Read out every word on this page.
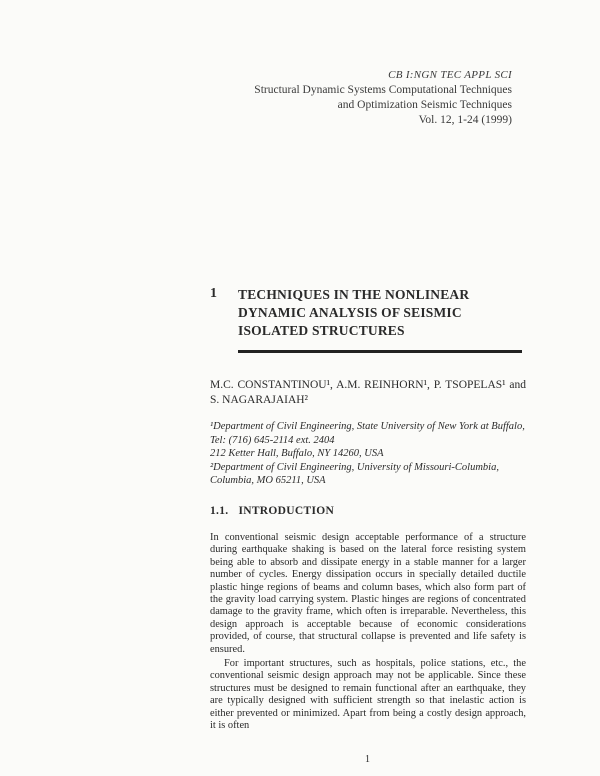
CB I:NGN TEC APPL SCI
Structural Dynamic Systems Computational Techniques
and Optimization Seismic Techniques
Vol. 12, 1-24 (1999)
1 TECHNIQUES IN THE NONLINEAR DYNAMIC ANALYSIS OF SEISMIC ISOLATED STRUCTURES
M.C. CONSTANTINOU¹, A.M. REINHORN¹, P. TSOPELAS¹ and S. NAGARAJAIAH²

¹Department of Civil Engineering, State University of New York at Buffalo, Tel: (716) 645-2114 ext. 2404

212 Ketter Hall, Buffalo, NY 14260, USA

²Department of Civil Engineering, University of Missouri-Columbia, Columbia, MO 65211, USA

1.1. INTRODUCTION

In conventional seismic design acceptable performance of a structure during earthquake shaking is based on the lateral force resisting system being able to absorb and dissipate energy in a stable manner for a larger number of cycles. Energy dissipation occurs in specially detailed ductile plastic hinge regions of beams and column bases, which also form part of the gravity load carrying system. Plastic hinges are regions of concentrated damage to the gravity frame, which often is irreparable. Nevertheless, this design approach is acceptable because of economic considerations provided, of course, that structural collapse is prevented and life safety is ensured.

For important structures, such as hospitals, police stations, etc., the conventional seismic design approach may not be applicable. Since these structures must be designed to remain functional after an earthquake, they are typically designed with sufficient strength so that inelastic action is either prevented or minimized. Apart from being a costly design approach, it is often

1
